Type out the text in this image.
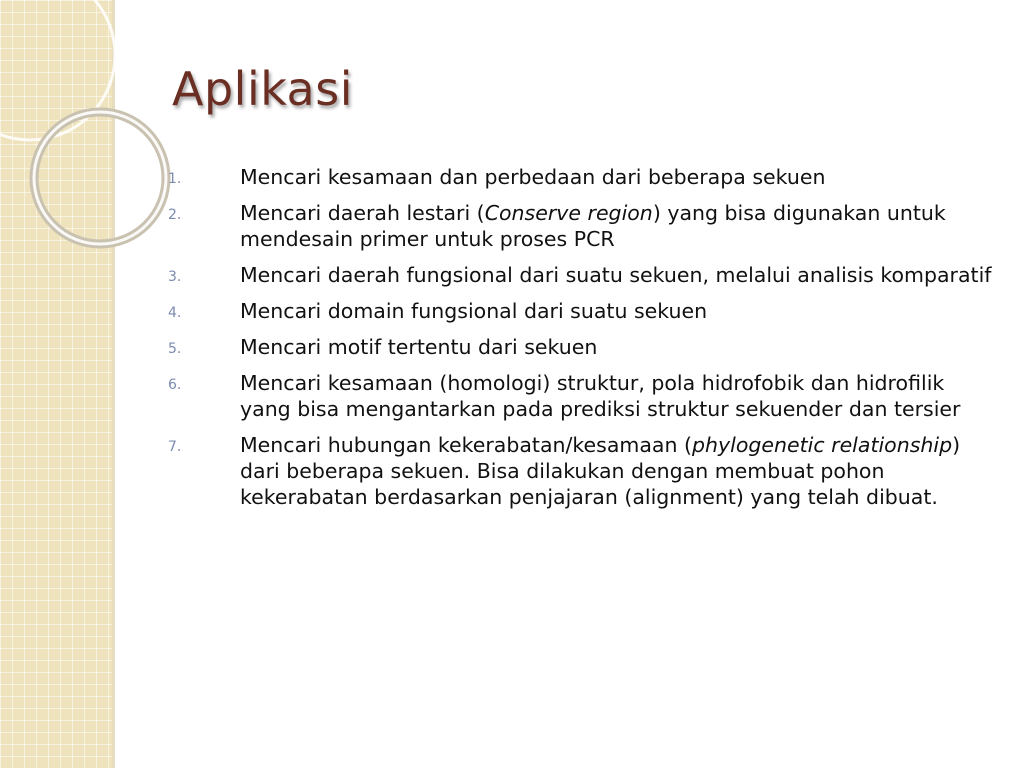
Aplikasi
1.	Mencari kesamaan dan perbedaan dari beberapa sekuen
2.	Mencari daerah lestari (Conserve region) yang bisa digunakan untuk mendesain primer untuk proses PCR
3.	Mencari daerah fungsional dari suatu sekuen, melalui analisis komparatif
4.	Mencari domain fungsional dari suatu sekuen
5.	Mencari motif tertentu dari sekuen
6.	Mencari kesamaan (homologi) struktur, pola hidrofobik dan hidrofilik yang bisa mengantarkan pada prediksi struktur sekuender dan tersier
7.	Mencari hubungan kekerabatan/kesamaan (phylogenetic relationship) dari beberapa sekuen. Bisa dilakukan dengan membuat pohon kekerabatan berdasarkan penjajaran (alignment) yang telah dibuat.
